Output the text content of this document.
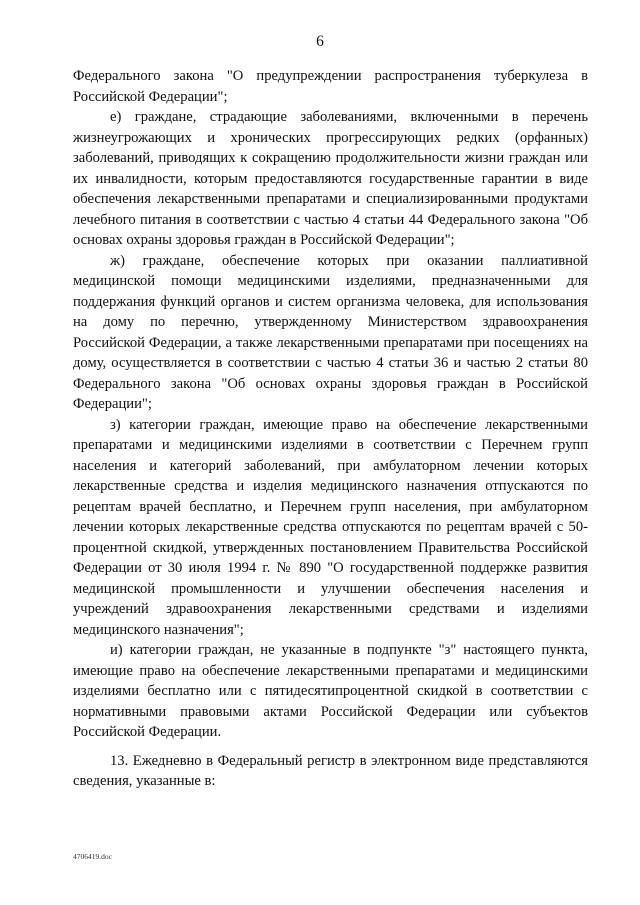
6

Федерального закона "О предупреждении распространения туберкулеза в Российской Федерации";

е) граждане, страдающие заболеваниями, включенными в перечень жизнеугрожающих и хронических прогрессирующих редких (орфанных) заболеваний, приводящих к сокращению продолжительности жизни граждан или их инвалидности, которым предоставляются государственные гарантии в виде обеспечения лекарственными препаратами и специализированными продуктами лечебного питания в соответствии с частью 4 статьи 44 Федерального закона "Об основах охраны здоровья граждан в Российской Федерации";

ж) граждане, обеспечение которых при оказании паллиативной медицинской помощи медицинскими изделиями, предназначенными для поддержания функций органов и систем организма человека, для использования на дому по перечню, утвержденному Министерством здравоохранения Российской Федерации, а также лекарственными препаратами при посещениях на дому, осуществляется в соответствии с частью 4 статьи 36 и частью 2 статьи 80 Федерального закона "Об основах охраны здоровья граждан в Российской Федерации";

з) категории граждан, имеющие право на обеспечение лекарственными препаратами и медицинскими изделиями в соответствии с Перечнем групп населения и категорий заболеваний, при амбулаторном лечении которых лекарственные средства и изделия медицинского назначения отпускаются по рецептам врачей бесплатно, и Перечнем групп населения, при амбулаторном лечении которых лекарственные средства отпускаются по рецептам врачей с 50-процентной скидкой, утвержденных постановлением Правительства Российской Федерации от 30 июля 1994 г. № 890 "О государственной поддержке развития медицинской промышленности и улучшении обеспечения населения и учреждений здравоохранения лекарственными средствами и изделиями медицинского назначения";

и) категории граждан, не указанные в подпункте "з" настоящего пункта, имеющие право на обеспечение лекарственными препаратами и медицинскими изделиями бесплатно или с пятидесятипроцентной скидкой в соответствии с нормативными правовыми актами Российской Федерации или субъектов Российской Федерации.

13. Ежедневно в Федеральный регистр в электронном виде представляются сведения, указанные в:

4706419.doc
